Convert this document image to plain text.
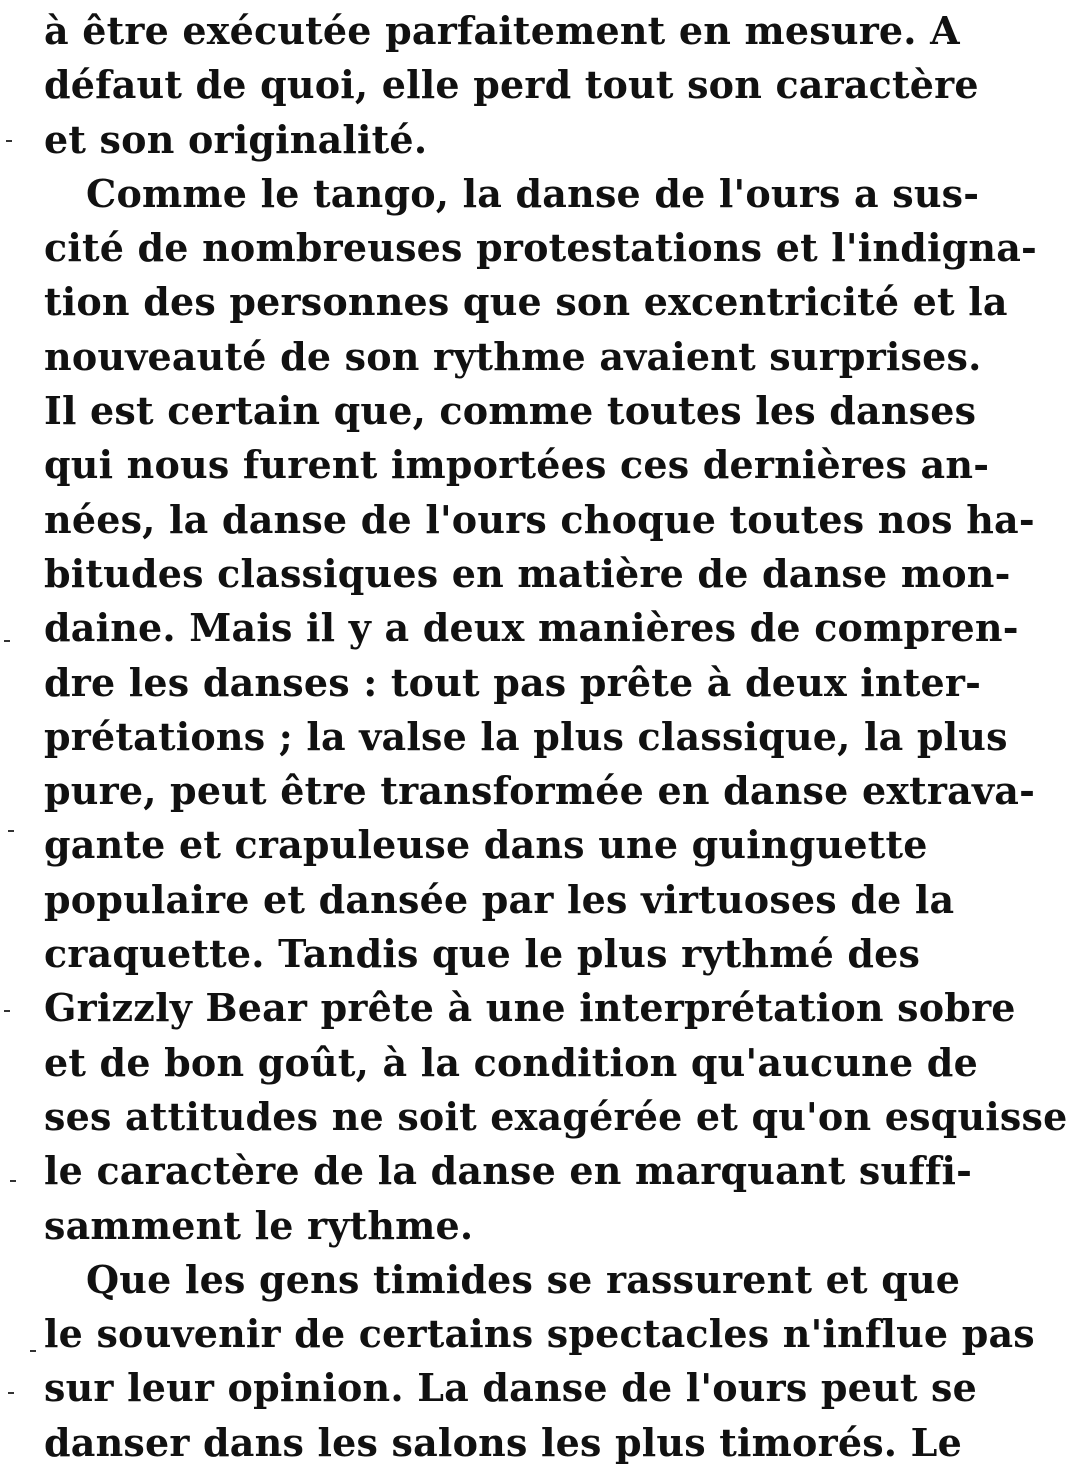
à être exécutée parfaitement en mesure. A
défaut de quoi, elle perd tout son caractère
et son originalité.
Comme le tango, la danse de l'ours a sus-
cité de nombreuses protestations et l'indigna-
tion des personnes que son excentricité et la
nouveauté de son rythme avaient surprises.
Il est certain que, comme toutes les danses
qui nous furent importées ces dernières an-
nées, la danse de l'ours choque toutes nos ha-
bitudes classiques en matière de danse mon-
daine. Mais il y a deux manières de compren-
dre les danses : tout pas prête à deux inter-
prétations ; la valse la plus classique, la plus
pure, peut être transformée en danse extrava-
gante et crapuleuse dans une guinguette
populaire et dansée par les virtuoses de la
craquette. Tandis que le plus rythmé des
Grizzly Bear prête à une interprétation sobre
et de bon goût, à la condition qu'aucune de
ses attitudes ne soit exagérée et qu'on esquisse
le caractère de la danse en marquant suffi-
samment le rythme.
Que les gens timides se rassurent et que
le souvenir de certains spectacles n'influe pas
sur leur opinion. La danse de l'ours peut se
danser dans les salons les plus timorés. Le
